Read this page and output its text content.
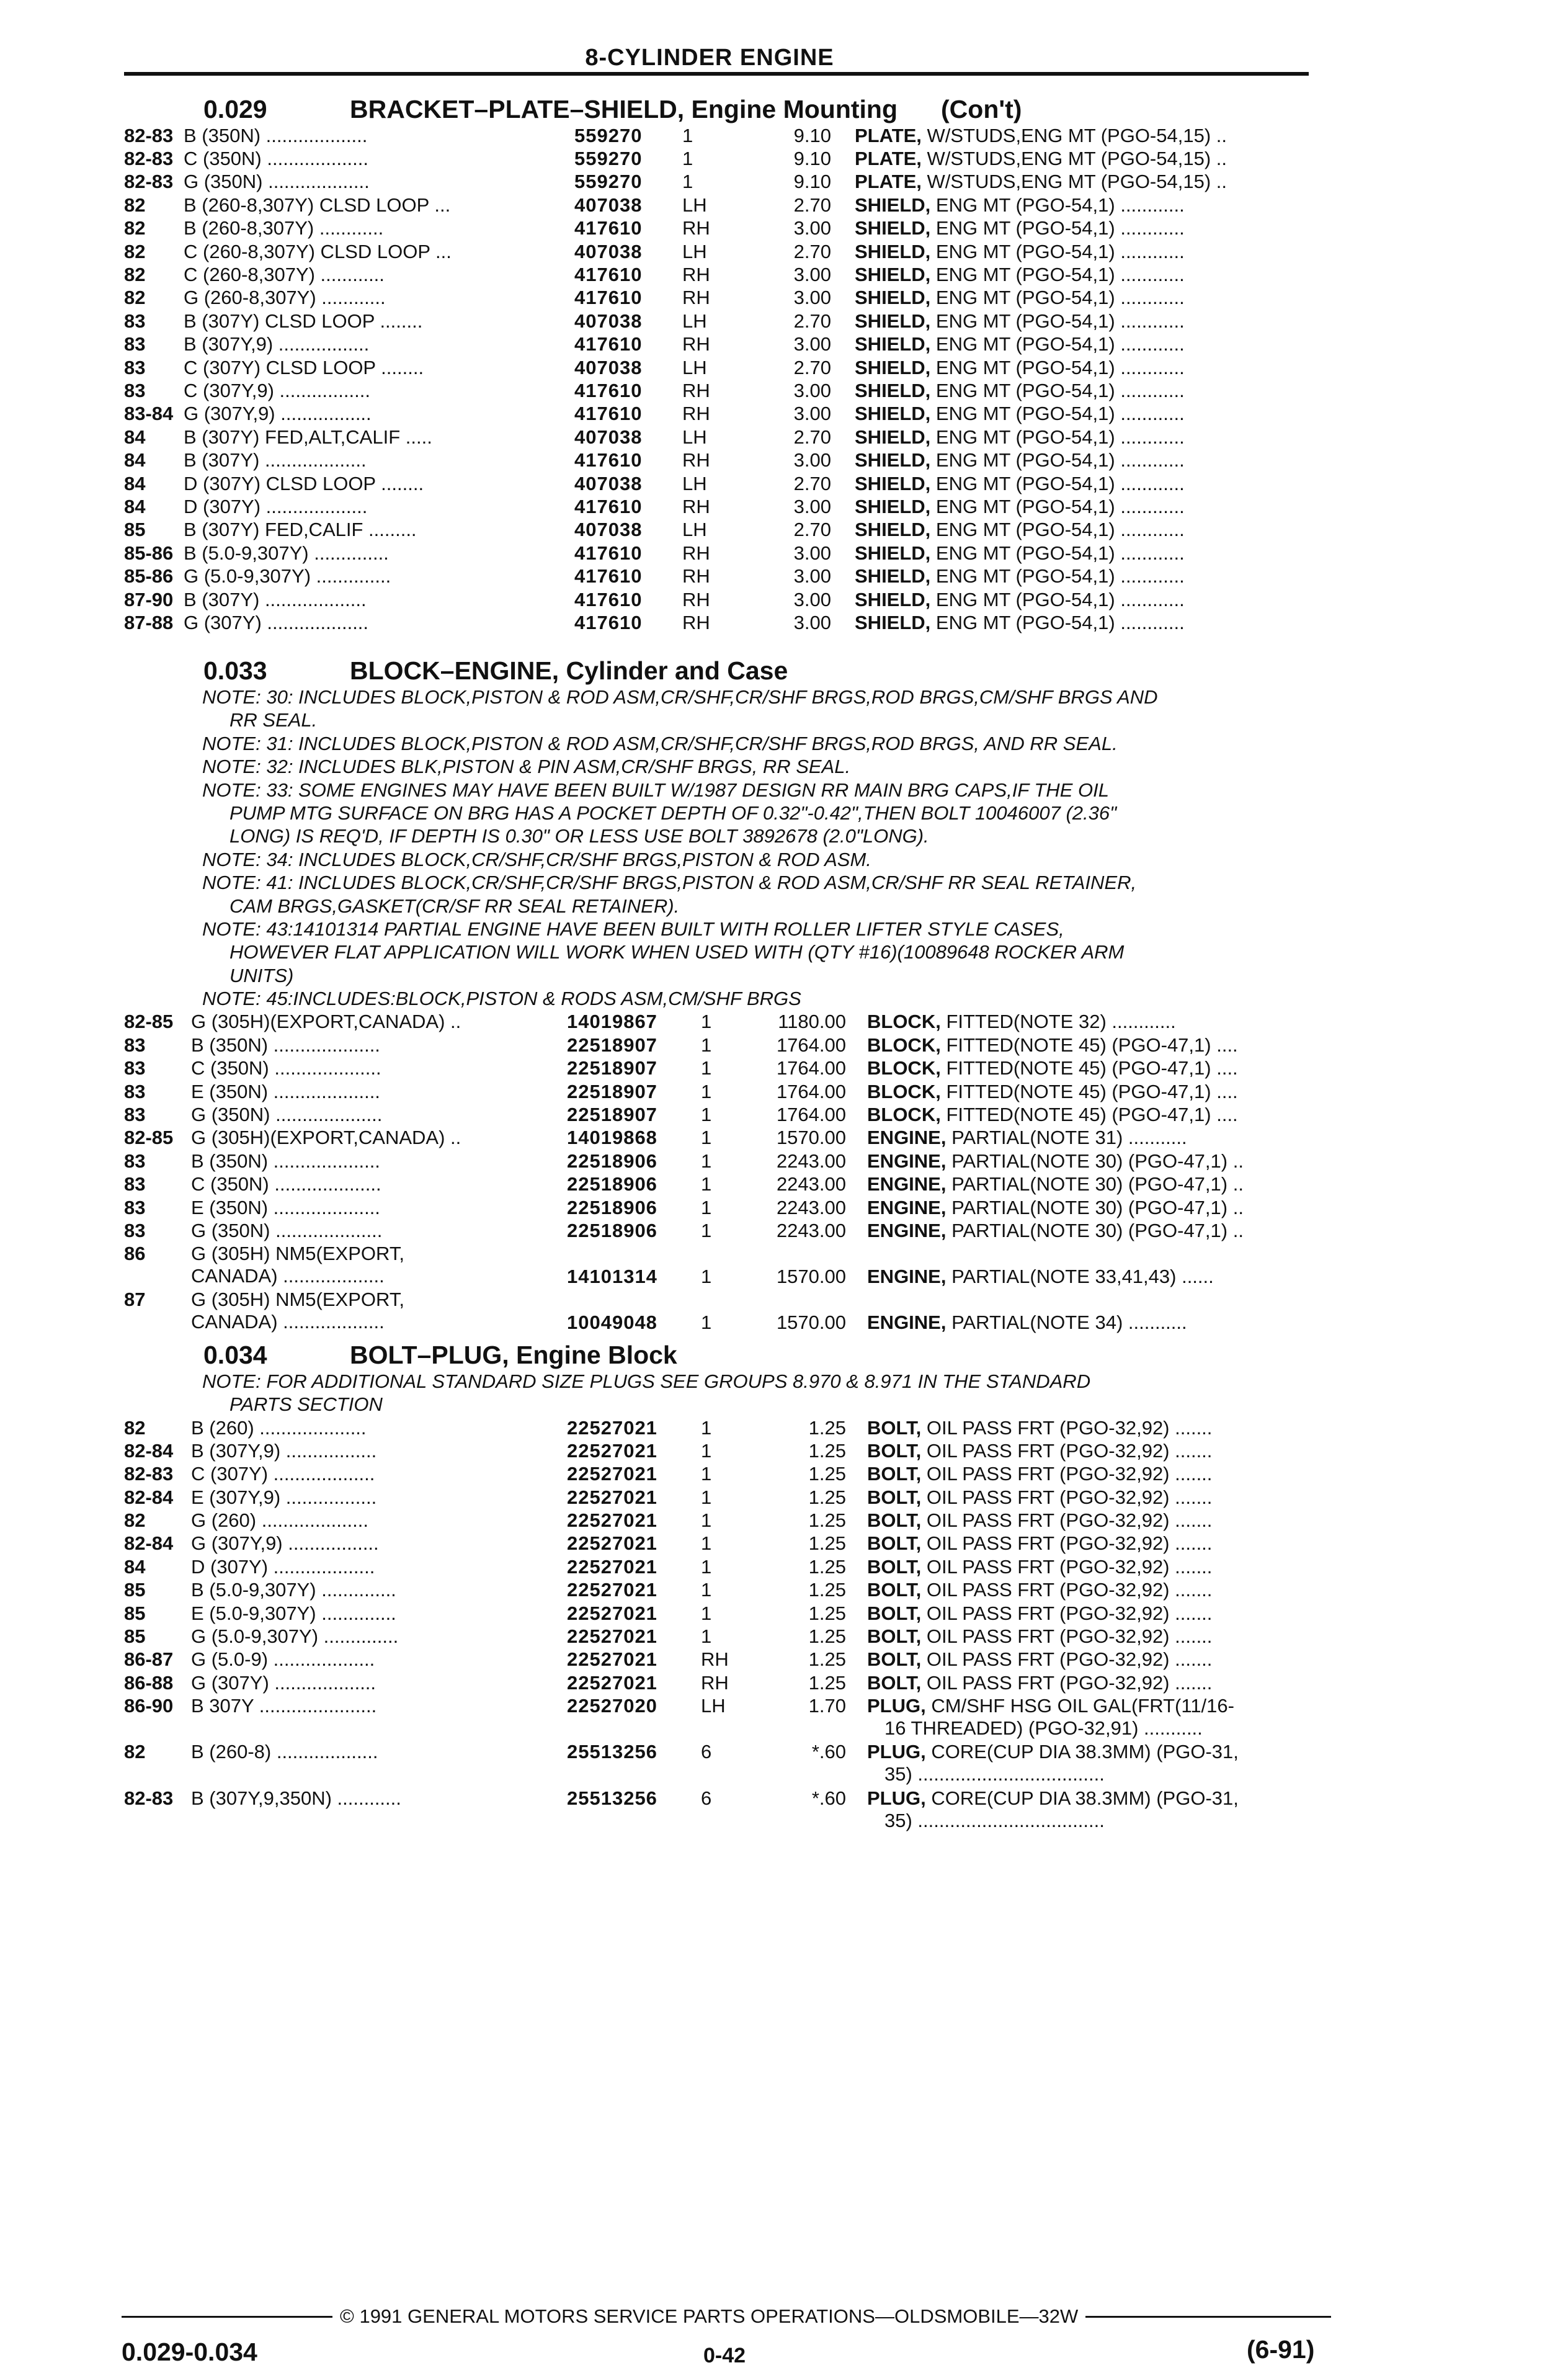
8-CYLINDER ENGINE
0.029	BRACKET–PLATE–SHIELD, Engine Mounting (Con't)
82-83 B (350N) ...................	559270 1	9.10 PLATE, W/STUDS,ENG MT (PGO-54,15) ..
82-83 C (350N) ...................	559270 1	9.10 PLATE, W/STUDS,ENG MT (PGO-54,15) ..
82-83 G (350N) ...................	559270 1	9.10 PLATE, W/STUDS,ENG MT (PGO-54,15) ..
82	B (260-8,307Y) CLSD LOOP ...	407038 LH	2.70 SHIELD, ENG MT (PGO-54,1) ............
82	B (260-8,307Y) ............	417610 RH	3.00 SHIELD, ENG MT (PGO-54,1) ............
82	C (260-8,307Y) CLSD LOOP ...	407038 LH	2.70 SHIELD, ENG MT (PGO-54,1) ............
82	C (260-8,307Y) ............	417610 RH	3.00 SHIELD, ENG MT (PGO-54,1) ............
82	G (260-8,307Y) ............	417610 RH	3.00 SHIELD, ENG MT (PGO-54,1) ............
83	B (307Y) CLSD LOOP ........	407038 LH	2.70 SHIELD, ENG MT (PGO-54,1) ............
83	B (307Y,9) .................	417610 RH	3.00 SHIELD, ENG MT (PGO-54,1) ............
83	C (307Y) CLSD LOOP ........	407038 LH	2.70 SHIELD, ENG MT (PGO-54,1) ............
83	C (307Y,9) .................	417610 RH	3.00 SHIELD, ENG MT (PGO-54,1) ............
83-84 G (307Y,9) .................	417610 RH	3.00 SHIELD, ENG MT (PGO-54,1) ............
84	B (307Y) FED,ALT,CALIF .....	407038 LH	2.70 SHIELD, ENG MT (PGO-54,1) ............
84	B (307Y) ...................	417610 RH	3.00 SHIELD, ENG MT (PGO-54,1) ............
84	D (307Y) CLSD LOOP ........	407038 LH	2.70 SHIELD, ENG MT (PGO-54,1) ............
84	D (307Y) ...................	417610 RH	3.00 SHIELD, ENG MT (PGO-54,1) ............
85	B (307Y) FED,CALIF .........	407038 LH	2.70 SHIELD, ENG MT (PGO-54,1) ............
85-86 B (5.0-9,307Y) ..............	417610 RH	3.00 SHIELD, ENG MT (PGO-54,1) ............
85-86 G (5.0-9,307Y) ..............	417610 RH	3.00 SHIELD, ENG MT (PGO-54,1) ............
87-90 B (307Y) ...................	417610 RH	3.00 SHIELD, ENG MT (PGO-54,1) ............
87-88 G (307Y) ...................	417610 RH	3.00 SHIELD, ENG MT (PGO-54,1) ............
0.033	BLOCK–ENGINE, Cylinder and Case
NOTE: 30: INCLUDES BLOCK,PISTON & ROD ASM,CR/SHF,CR/SHF BRGS,ROD BRGS,CM/SHF BRGS AND
RR SEAL.
NOTE: 31: INCLUDES BLOCK,PISTON & ROD ASM,CR/SHF,CR/SHF BRGS,ROD BRGS, AND RR SEAL.
NOTE: 32: INCLUDES BLK,PISTON & PIN ASM,CR/SHF BRGS, RR SEAL.
NOTE: 33: SOME ENGINES MAY HAVE BEEN BUILT W/1987 DESIGN RR MAIN BRG CAPS,IF THE OIL
PUMP MTG SURFACE ON BRG HAS A POCKET DEPTH OF 0.32"-0.42",THEN BOLT 10046007 (2.36"
LONG) IS REQ'D, IF DEPTH IS 0.30" OR LESS USE BOLT 3892678 (2.0"LONG).
NOTE: 34: INCLUDES BLOCK,CR/SHF,CR/SHF BRGS,PISTON & ROD ASM.
NOTE: 41: INCLUDES BLOCK,CR/SHF,CR/SHF BRGS,PISTON & ROD ASM,CR/SHF RR SEAL RETAINER,
CAM BRGS,GASKET(CR/SF RR SEAL RETAINER).
NOTE: 43:14101314 PARTIAL ENGINE HAVE BEEN BUILT WITH ROLLER LIFTER STYLE CASES,
HOWEVER FLAT APPLICATION WILL WORK WHEN USED WITH (QTY #16)(10089648 ROCKER ARM
UNITS)
NOTE: 45:INCLUDES:BLOCK,PISTON & RODS ASM,CM/SHF BRGS
82-85 G (305H)(EXPORT,CANADA) ..	14019867 1	1180.00 BLOCK, FITTED(NOTE 32) ............
83	B (350N) ....................	22518907 1	1764.00 BLOCK, FITTED(NOTE 45) (PGO-47,1) ....
83	C (350N) ....................	22518907 1	1764.00 BLOCK, FITTED(NOTE 45) (PGO-47,1) ....
83	E (350N) ....................	22518907 1	1764.00 BLOCK, FITTED(NOTE 45) (PGO-47,1) ....
83	G (350N) ....................	22518907 1	1764.00 BLOCK, FITTED(NOTE 45) (PGO-47,1) ....
82-85 G (305H)(EXPORT,CANADA) ..	14019868 1	1570.00 ENGINE, PARTIAL(NOTE 31) ...........
83	B (350N) ....................	22518906 1	2243.00 ENGINE, PARTIAL(NOTE 30) (PGO-47,1) ..
83	C (350N) ....................	22518906 1	2243.00 ENGINE, PARTIAL(NOTE 30) (PGO-47,1) ..
83	E (350N) ....................	22518906 1	2243.00 ENGINE, PARTIAL(NOTE 30) (PGO-47,1) ..
83	G (350N) ....................	22518906 1	2243.00 ENGINE, PARTIAL(NOTE 30) (PGO-47,1) ..
86	G (305H) NM5(EXPORT,
CANADA) ...................	14101314 1	1570.00 ENGINE, PARTIAL(NOTE 33,41,43) ......
87	G (305H) NM5(EXPORT,
CANADA) ...................	10049048 1	1570.00 ENGINE, PARTIAL(NOTE 34) ...........
0.034	BOLT–PLUG, Engine Block
NOTE: FOR ADDITIONAL STANDARD SIZE PLUGS SEE GROUPS 8.970 & 8.971 IN THE STANDARD
PARTS SECTION
82	B (260) ....................	22527021 1	1.25 BOLT, OIL PASS FRT (PGO-32,92) .......
82-84 B (307Y,9) .................	22527021 1	1.25 BOLT, OIL PASS FRT (PGO-32,92) .......
82-83 C (307Y) ...................	22527021 1	1.25 BOLT, OIL PASS FRT (PGO-32,92) .......
82-84 E (307Y,9) .................	22527021 1	1.25 BOLT, OIL PASS FRT (PGO-32,92) .......
82	G (260) ....................	22527021 1	1.25 BOLT, OIL PASS FRT (PGO-32,92) .......
82-84 G (307Y,9) .................	22527021 1	1.25 BOLT, OIL PASS FRT (PGO-32,92) .......
84	D (307Y) ...................	22527021 1	1.25 BOLT, OIL PASS FRT (PGO-32,92) .......
85	B (5.0-9,307Y) ..............	22527021 1	1.25 BOLT, OIL PASS FRT (PGO-32,92) .......
85	E (5.0-9,307Y) ..............	22527021 1	1.25 BOLT, OIL PASS FRT (PGO-32,92) .......
85	G (5.0-9,307Y) ..............	22527021 1	1.25 BOLT, OIL PASS FRT (PGO-32,92) .......
86-87 G (5.0-9) ...................	22527021 RH	1.25 BOLT, OIL PASS FRT (PGO-32,92) .......
86-88 G (307Y) ...................	22527021 RH	1.25 BOLT, OIL PASS FRT (PGO-32,92) .......
86-90 B 307Y ......................	22527020 LH	1.70 PLUG, CM/SHF HSG OIL GAL(FRT(11/16-
16 THREADED) (PGO-32,91) ...........
82	B (260-8) ...................	25513256 6	*.60 PLUG, CORE(CUP DIA 38.3MM) (PGO-31,
35) ...................................
82-83 B (307Y,9,350N) ............	25513256 6	*.60 PLUG, CORE(CUP DIA 38.3MM) (PGO-31,
35) ...................................
© 1991 GENERAL MOTORS SERVICE PARTS OPERATIONS—OLDSMOBILE—32W
0.029-0.034	0-42	(6-91)
